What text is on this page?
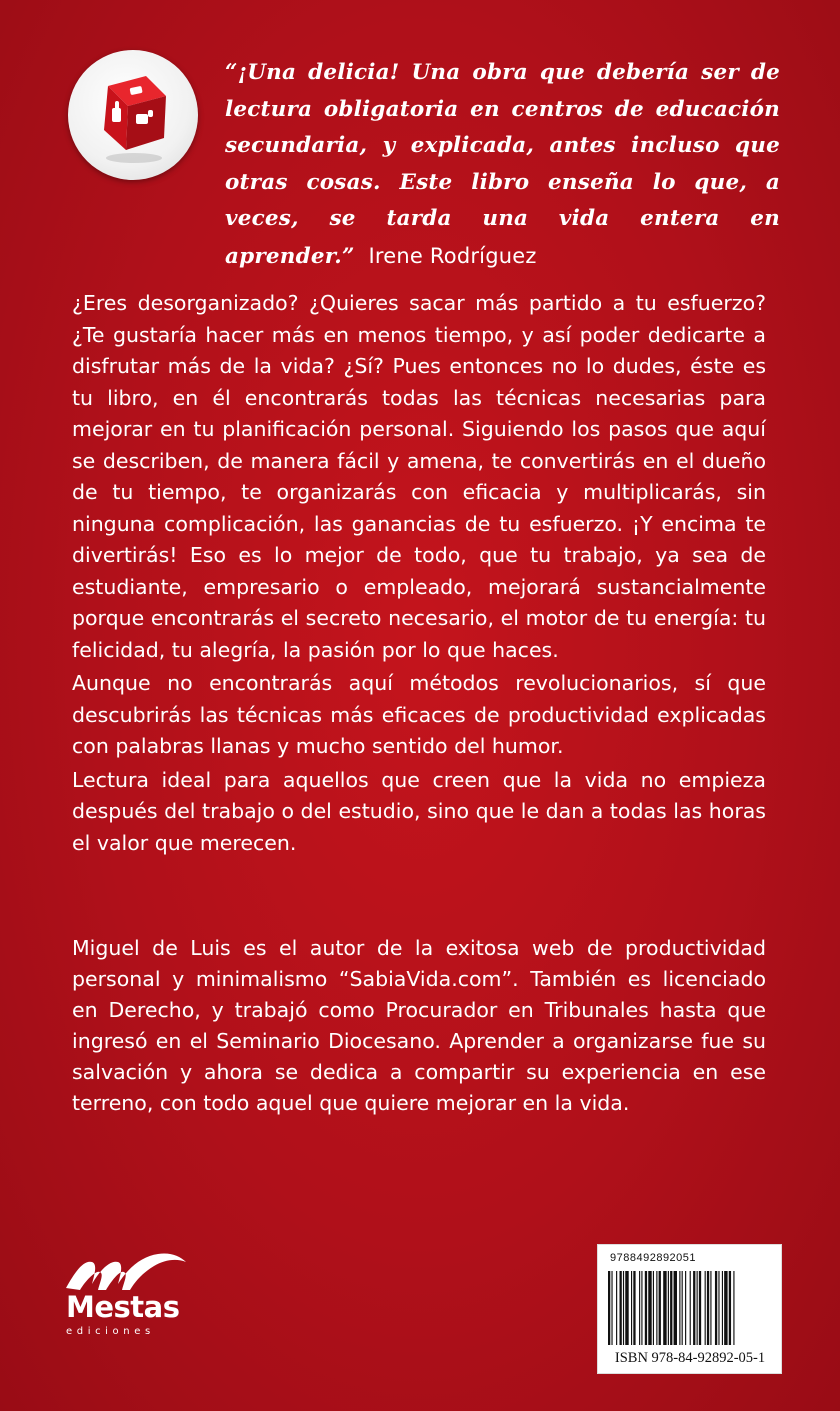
“¡Una delicia! Una obra que debería ser de lectura obligatoria en centros de educación secundaria, y explicada, antes incluso que otras cosas. Este libro enseña lo que, a veces, se tarda una vida entera en aprender.” Irene Rodríguez

¿Eres desorganizado? ¿Quieres sacar más partido a tu esfuerzo? ¿Te gustaría hacer más en menos tiempo, y así poder dedicarte a disfrutar más de la vida? ¿Sí? Pues entonces no lo dudes, éste es tu libro, en él encontrarás todas las técnicas necesarias para mejorar en tu planificación personal. Siguiendo los pasos que aquí se describen, de manera fácil y amena, te convertirás en el dueño de tu tiempo, te organizarás con eficacia y multiplicarás, sin ninguna complicación, las ganancias de tu esfuerzo. ¡Y encima te divertirás! Eso es lo mejor de todo, que tu trabajo, ya sea de estudiante, empresario o empleado, mejorará sustancialmente porque encontrarás el secreto necesario, el motor de tu energía: tu felicidad, tu alegría, la pasión por lo que haces.

Aunque no encontrarás aquí métodos revolucionarios, sí que descubrirás las técnicas más eficaces de productividad explicadas con palabras llanas y mucho sentido del humor.

Lectura ideal para aquellos que creen que la vida no empieza después del trabajo o del estudio, sino que le dan a todas las horas el valor que merecen.

Miguel de Luis es el autor de la exitosa web de productividad personal y minimalismo “SabiaVida.com”. También es licenciado en Derecho, y trabajó como Procurador en Tribunales hasta que ingresó en el Seminario Diocesano. Aprender a organizarse fue su salvación y ahora se dedica a compartir su experiencia en ese terreno, con todo aquel que quiere mejorar en la vida.

Mestas
ediciones
9788492892051
ISBN 978-84-92892-05-1
